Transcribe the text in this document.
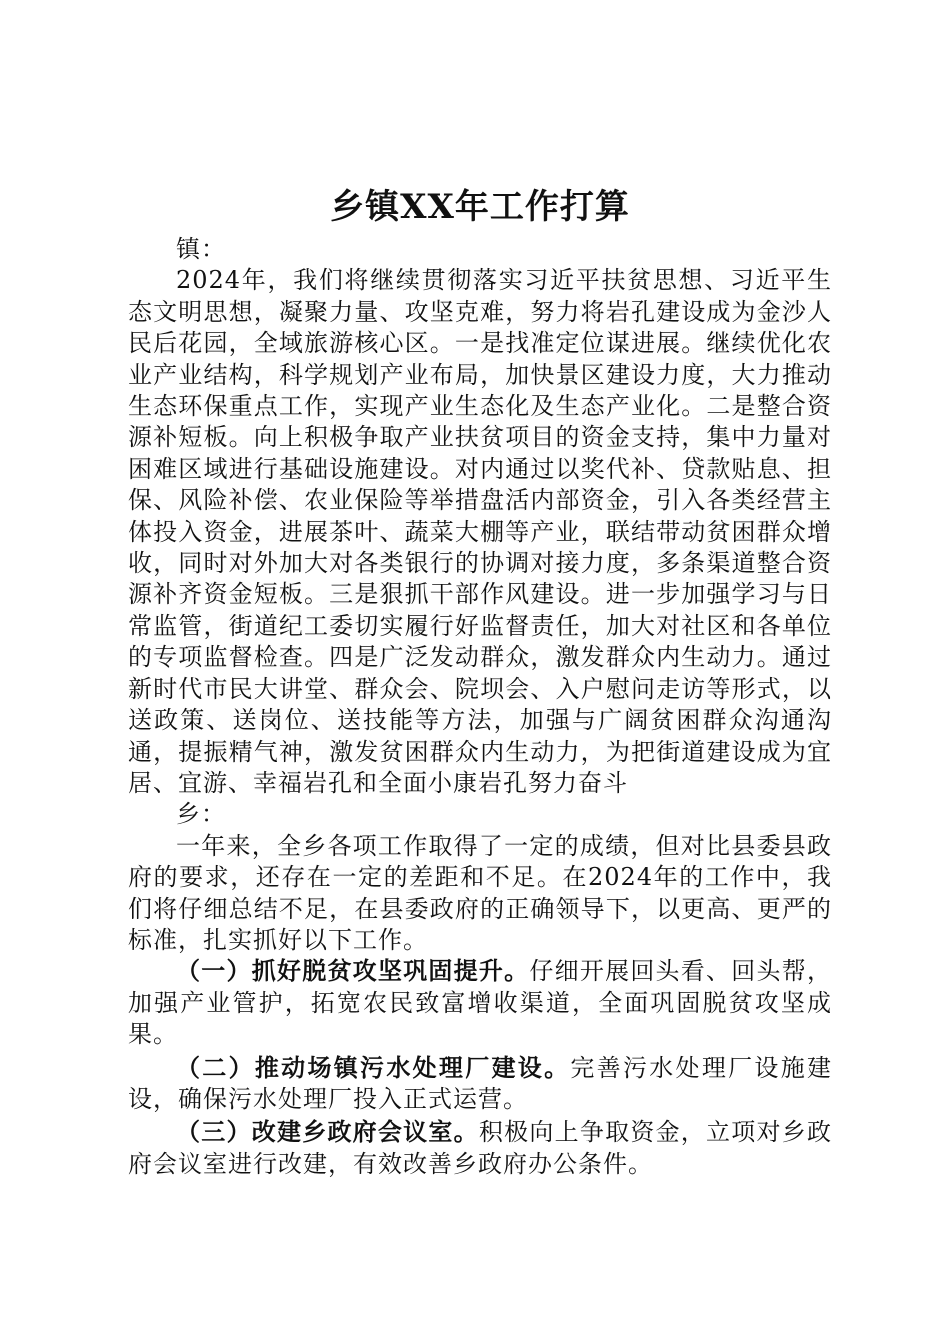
乡镇XX年工作打算

镇：

2024年，我们将继续贯彻落实习近平扶贫思想、习近平生态文明思想，凝聚力量、攻坚克难，努力将岩孔建设成为金沙人民后花园，全域旅游核心区。一是找准定位谋进展。继续优化农业产业结构，科学规划产业布局，加快景区建设力度，大力推动生态环保重点工作，实现产业生态化及生态产业化。二是整合资源补短板。向上积极争取产业扶贫项目的资金支持，集中力量对困难区域进行基础设施建设。对内通过以奖代补、贷款贴息、担保、风险补偿、农业保险等举措盘活内部资金，引入各类经营主体投入资金，进展茶叶、蔬菜大棚等产业，联结带动贫困群众增收，同时对外加大对各类银行的协调对接力度，多条渠道整合资源补齐资金短板。三是狠抓干部作风建设。进一步加强学习与日常监管，街道纪工委切实履行好监督责任，加大对社区和各单位的专项监督检查。四是广泛发动群众，激发群众内生动力。通过新时代市民大讲堂、群众会、院坝会、入户慰问走访等形式，以送政策、送岗位、送技能等方法，加强与广阔贫困群众沟通沟通，提振精气神，激发贫困群众内生动力，为把街道建设成为宜居、宜游、幸福岩孔和全面小康岩孔努力奋斗

乡：

一年来，全乡各项工作取得了一定的成绩，但对比县委县政府的要求，还存在一定的差距和不足。在2024年的工作中，我们将仔细总结不足，在县委政府的正确领导下，以更高、更严的标准，扎实抓好以下工作。

（一）抓好脱贫攻坚巩固提升。仔细开展回头看、回头帮，加强产业管护，拓宽农民致富增收渠道，全面巩固脱贫攻坚成果。

（二）推动场镇污水处理厂建设。完善污水处理厂设施建设，确保污水处理厂投入正式运营。

（三）改建乡政府会议室。积极向上争取资金，立项对乡政府会议室进行改建，有效改善乡政府办公条件。
